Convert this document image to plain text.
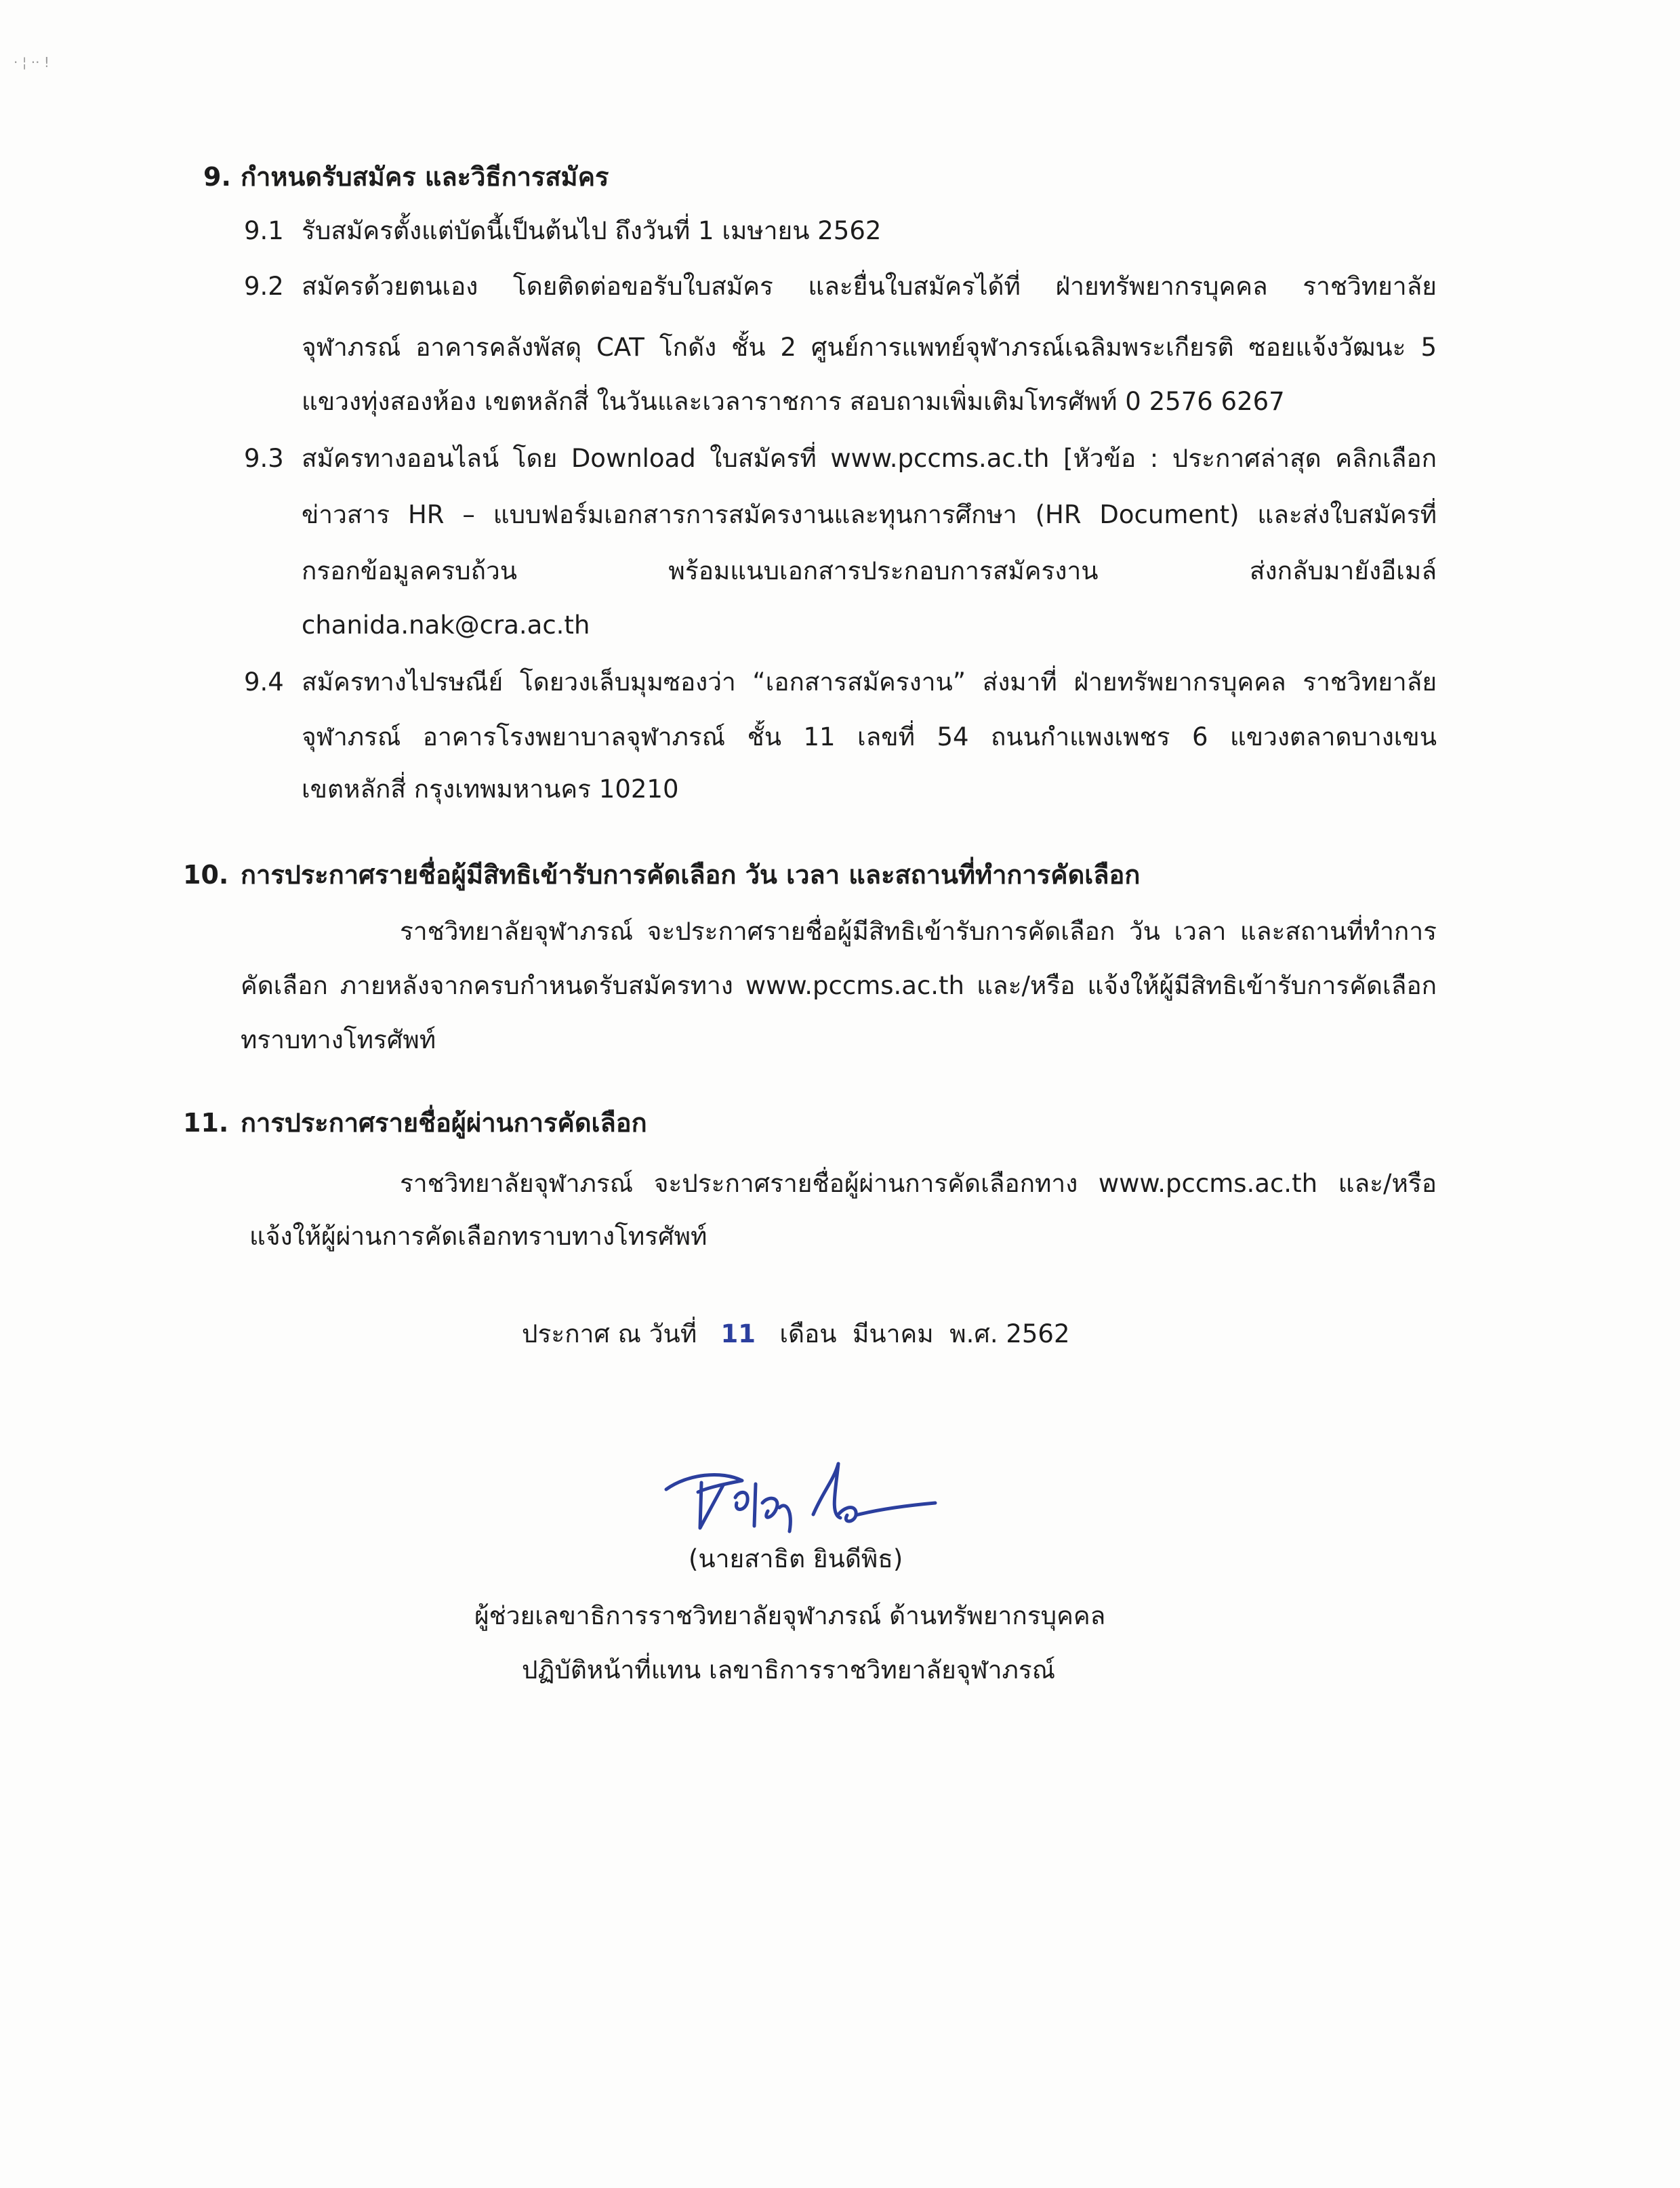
· ¦ ·· !
9. กำหนดรับสมัคร และวิธีการสมัคร
9.1 รับสมัครตั้งแต่บัดนี้เป็นต้นไป ถึงวันที่ 1 เมษายน 2562
9.2 สมัครด้วยตนเอง โดยติดต่อขอรับใบสมัคร และยื่นใบสมัครได้ที่ ฝ่ายทรัพยากรบุคคล ราชวิทยาลัย
จุฬาภรณ์ อาคารคลังพัสดุ CAT โกดัง ชั้น 2 ศูนย์การแพทย์จุฬาภรณ์เฉลิมพระเกียรติ ซอยแจ้งวัฒนะ 5
แขวงทุ่งสองห้อง เขตหลักสี่ ในวันและเวลาราชการ สอบถามเพิ่มเติมโทรศัพท์ 0 2576 6267
9.3 สมัครทางออนไลน์ โดย Download ใบสมัครที่ www.pccms.ac.th [หัวข้อ : ประกาศล่าสุด คลิกเลือก
ข่าวสาร HR – แบบฟอร์มเอกสารการสมัครงานและทุนการศึกษา (HR Document) และส่งใบสมัครที่
กรอกข้อมูลครบถ้วน พร้อมแนบเอกสารประกอบการสมัครงาน ส่งกลับมายังอีเมล์
chanida.nak@cra.ac.th
9.4 สมัครทางไปรษณีย์ โดยวงเล็บมุมซองว่า “เอกสารสมัครงาน” ส่งมาที่ ฝ่ายทรัพยากรบุคคล ราชวิทยาลัย
จุฬาภรณ์ อาคารโรงพยาบาลจุฬาภรณ์ ชั้น 11 เลขที่ 54 ถนนกำแพงเพชร 6 แขวงตลาดบางเขน
เขตหลักสี่ กรุงเทพมหานคร 10210
10. การประกาศรายชื่อผู้มีสิทธิเข้ารับการคัดเลือก วัน เวลา และสถานที่ทำการคัดเลือก
ราชวิทยาลัยจุฬาภรณ์ จะประกาศรายชื่อผู้มีสิทธิเข้ารับการคัดเลือก วัน เวลา และสถานที่ทำการ
คัดเลือก ภายหลังจากครบกำหนดรับสมัครทาง www.pccms.ac.th และ/หรือ แจ้งให้ผู้มีสิทธิเข้ารับการคัดเลือก
ทราบทางโทรศัพท์
11. การประกาศรายชื่อผู้ผ่านการคัดเลือก
ราชวิทยาลัยจุฬาภรณ์ จะประกาศรายชื่อผู้ผ่านการคัดเลือกทาง www.pccms.ac.th และ/หรือ
แจ้งให้ผู้ผ่านการคัดเลือกทราบทางโทรศัพท์
ประกาศ ณ วันที่ 11 เดือน มีนาคม พ.ศ. 2562
(นายสาธิต ยินดีพิธ)
ผู้ช่วยเลขาธิการราชวิทยาลัยจุฬาภรณ์ ด้านทรัพยากรบุคคล
ปฏิบัติหน้าที่แทน เลขาธิการราชวิทยาลัยจุฬาภรณ์
